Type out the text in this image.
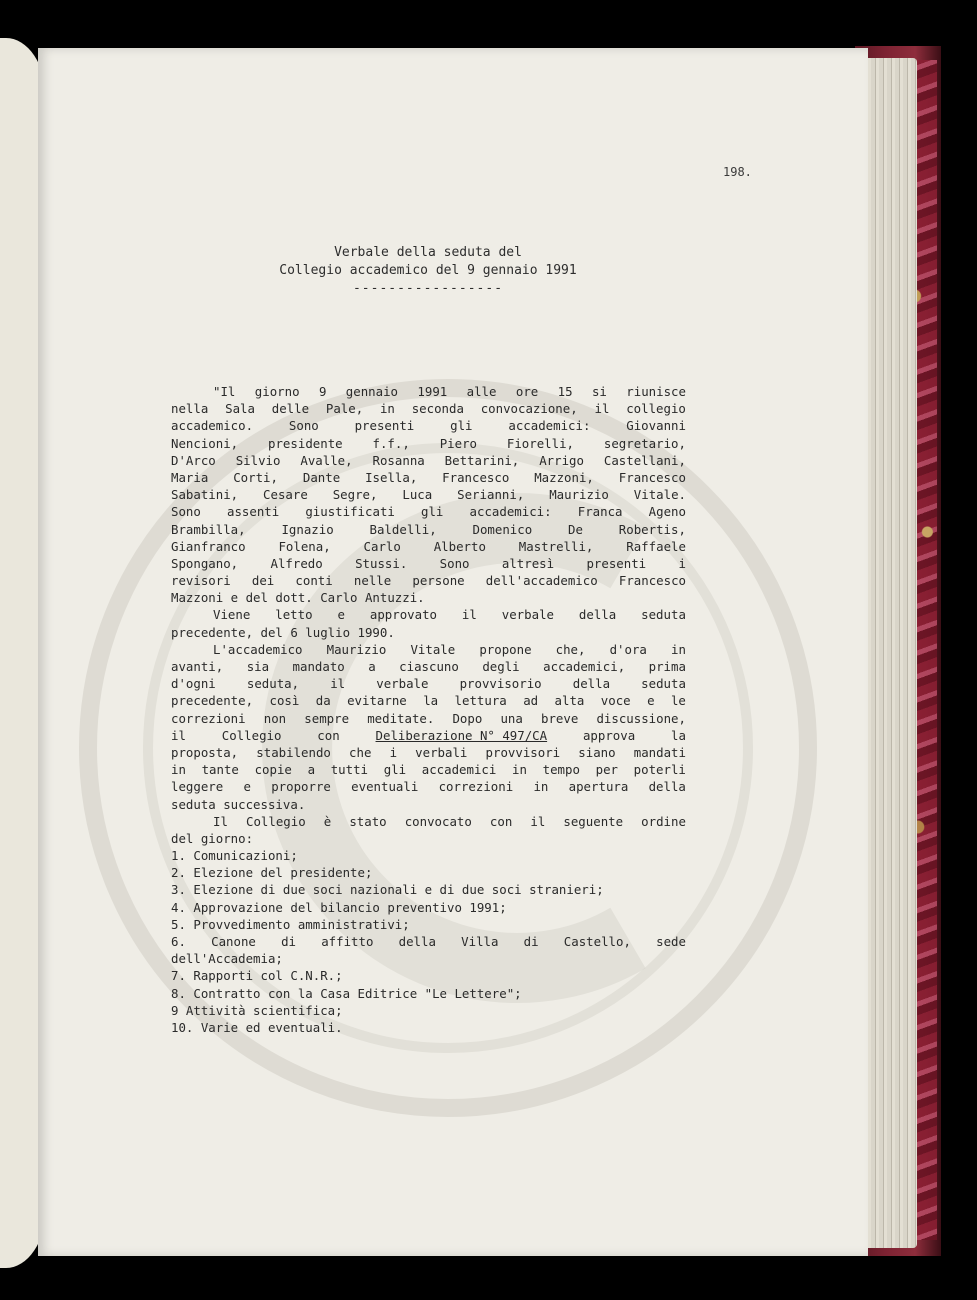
198.

Verbale della seduta del
Collegio accademico del 9 gennaio 1991
-----------------
"Il giorno 9 gennaio 1991 alle ore 15 si riunisce
nella Sala delle Pale, in seconda convocazione, il collegio
accademico.	Sono	presenti	gli	accademici:	Giovanni
Nencioni, presidente f.f., Piero Fiorelli, segretario,
D'Arco Silvio Avalle, Rosanna Bettarini, Arrigo Castellani,
Maria Corti, Dante Isella, Francesco Mazzoni, Francesco
Sabatini, Cesare Segre, Luca Serianni, Maurizio Vitale.
Sono assenti giustificati gli accademici: Franca Ageno
Brambilla,	Ignazio	Baldelli,	Domenico	De	Robertis,
Gianfranco	Folena,	Carlo	Alberto	Mastrelli,	Raffaele
Spongano,	Alfredo	Stussi.	Sono	altresì	presenti	i
revisori dei conti nelle persone dell'accademico Francesco
Mazzoni e del dott. Carlo Antuzzi.
Viene letto e approvato il verbale della seduta
precedente, del 6 luglio 1990.
L'accademico Maurizio Vitale propone che, d'ora in
avanti, sia mandato a ciascuno degli accademici, prima
d'ogni	seduta,	il	verbale	provvisorio	della	seduta
precedente, così da evitarne la lettura ad alta voce e le
correzioni non sempre meditate. Dopo una breve discussione,
il	Collegio	con	Deliberazione N° 497/CA	approva	la
proposta, stabilendo che i verbali provvisori siano mandati
in tante copie a tutti gli accademici in tempo per poterli
leggere e proporre eventuali correzioni in apertura della
seduta successiva.
Il Collegio è stato convocato con il seguente ordine
del giorno:
1. Comunicazioni;
2. Elezione del presidente;
3. Elezione di due soci nazionali e di due soci stranieri;
4. Approvazione del bilancio preventivo 1991;
5. Provvedimento amministrativi;
6. Canone di affitto della Villa di Castello, sede
dell'Accademia;
7. Rapporti col C.N.R.;
8. Contratto con la Casa Editrice "Le Lettere";
9 Attività scientifica;
10. Varie ed eventuali.
